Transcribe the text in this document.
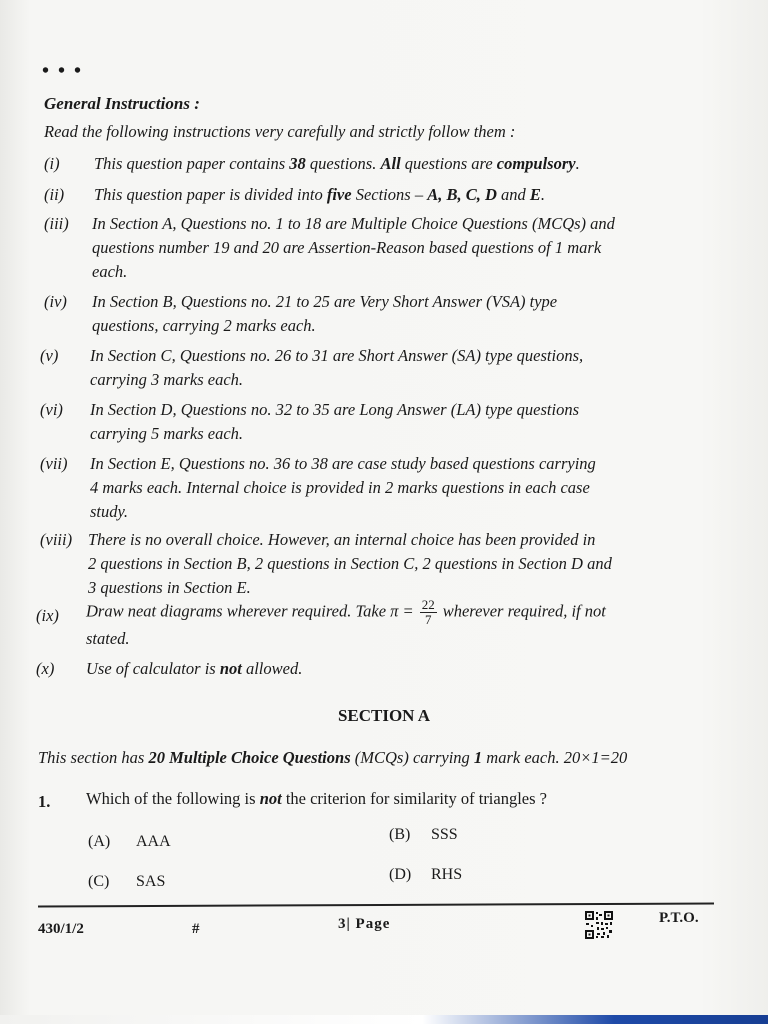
• • •
General Instructions :
Read the following instructions very carefully and strictly follow them :
(i)	This question paper contains 38 questions. All questions are compulsory.
(ii)	This question paper is divided into five Sections – A, B, C, D and E.
(iii)	In Section A, Questions no. 1 to 18 are Multiple Choice Questions (MCQs) and
questions number 19 and 20 are Assertion-Reason based questions of 1 mark
each.
(iv)	In Section B, Questions no. 21 to 25 are Very Short Answer (VSA) type
questions, carrying 2 marks each.
(v)	In Section C, Questions no. 26 to 31 are Short Answer (SA) type questions,
carrying 3 marks each.
(vi)	In Section D, Questions no. 32 to 35 are Long Answer (LA) type questions
carrying 5 marks each.
(vii)	In Section E, Questions no. 36 to 38 are case study based questions carrying
4 marks each. Internal choice is provided in 2 marks questions in each case
study.
(viii) There is no overall choice. However, an internal choice has been provided in
2 questions in Section B, 2 questions in Section C, 2 questions in Section D and
3 questions in Section E.
(ix)	Draw neat diagrams wherever required. Take $\pi = \frac{22}{7}$ wherever required, if not
stated.
(x)	Use of calculator is not allowed.
SECTION A
This section has 20 Multiple Choice Questions (MCQs) carrying 1 mark each. 20×1=20
1. Which of the following is not the criterion for similarity of triangles ?
(A) AAA	(B) SSS
(C) SAS	(D) RHS
430/1/2	#	3| Page	P.T.O.
